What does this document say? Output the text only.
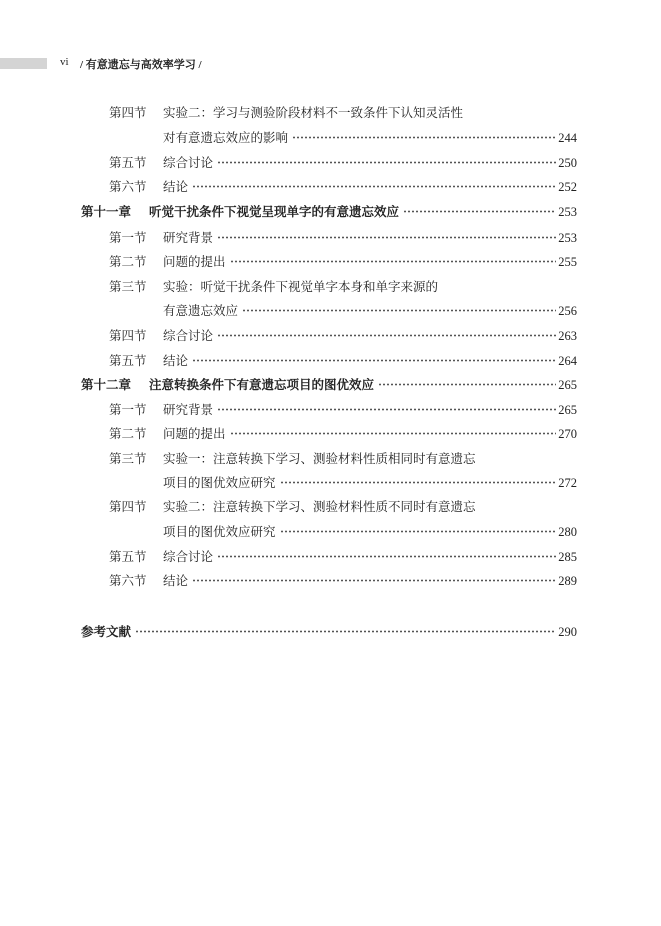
vi / 有意遗忘与高效率学习 /
第四节 实验二：学习与测验阶段材料不一致条件下认知灵活性
对有意遗忘效应的影响	244
第五节 综合讨论	250
第六节 结论	252
第十一章 听觉干扰条件下视觉呈现单字的有意遗忘效应	253
第一节 研究背景	253
第二节 问题的提出	255
第三节 实验：听觉干扰条件下视觉单字本身和单字来源的
有意遗忘效应	256
第四节 综合讨论	263
第五节 结论	264
第十二章 注意转换条件下有意遗忘项目的图优效应	265
第一节 研究背景	265
第二节 问题的提出	270
第三节 实验一：注意转换下学习、测验材料性质相同时有意遗忘
项目的图优效应研究	272
第四节 实验二：注意转换下学习、测验材料性质不同时有意遗忘
项目的图优效应研究	280
第五节 综合讨论	285
第六节 结论	289
参考文献	290
